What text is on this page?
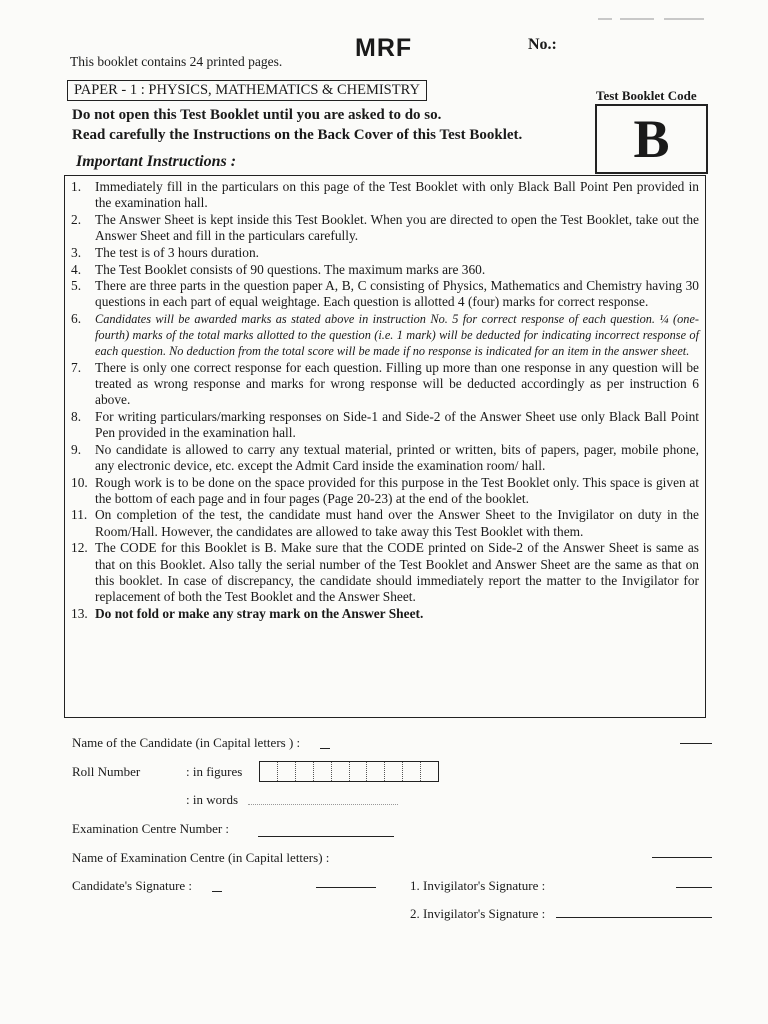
This booklet contains 24 printed pages.	MRF	No.:
PAPER - 1 : PHYSICS, MATHEMATICS & CHEMISTRY
Do not open this Test Booklet until you are asked to do so.
Read carefully the Instructions on the Back Cover of this Test Booklet.
Test Booklet Code
B
Important Instructions :
1.	Immediately fill in the particulars on this page of the Test Booklet with only Black Ball Point Pen provided in the examination hall.
2.	The Answer Sheet is kept inside this Test Booklet. When you are directed to open the Test Booklet, take out the Answer Sheet and fill in the particulars carefully.
3.	The test is of 3 hours duration.
4.	The Test Booklet consists of 90 questions. The maximum marks are 360.
5.	There are three parts in the question paper A, B, C consisting of Physics, Mathematics and Chemistry having 30 questions in each part of equal weightage. Each question is allotted 4 (four) marks for correct response.
6.	Candidates will be awarded marks as stated above in instruction No. 5 for correct response of each question. ¼ (one-fourth) marks of the total marks allotted to the question (i.e. 1 mark) will be deducted for indicating incorrect response of each question. No deduction from the total score will be made if no response is indicated for an item in the answer sheet.
7.	There is only one correct response for each question. Filling up more than one response in any question will be treated as wrong response and marks for wrong response will be deducted accordingly as per instruction 6 above.
8.	For writing particulars/marking responses on Side-1 and Side-2 of the Answer Sheet use only Black Ball Point Pen provided in the examination hall.
9.	No candidate is allowed to carry any textual material, printed or written, bits of papers, pager, mobile phone, any electronic device, etc. except the Admit Card inside the examination room/ hall.
10. Rough work is to be done on the space provided for this purpose in the Test Booklet only. This space is given at the bottom of each page and in four pages (Page 20-23) at the end of the booklet.
11. On completion of the test, the candidate must hand over the Answer Sheet to the Invigilator on duty in the Room/Hall. However, the candidates are allowed to take away this Test Booklet with them.
12. The CODE for this Booklet is B. Make sure that the CODE printed on Side-2 of the Answer Sheet is same as that on this Booklet. Also tally the serial number of the Test Booklet and Answer Sheet are the same as that on this booklet. In case of discrepancy, the candidate should immediately report the matter to the Invigilator for replacement of both the Test Booklet and the Answer Sheet.
13. Do not fold or make any stray mark on the Answer Sheet.
Name of the Candidate (in Capital letters ) :
Roll Number	: in figures
: in words
Examination Centre Number :
Name of Examination Centre (in Capital letters) :
Candidate's Signature :	1. Invigilator's Signature :
2. Invigilator's Signature :
